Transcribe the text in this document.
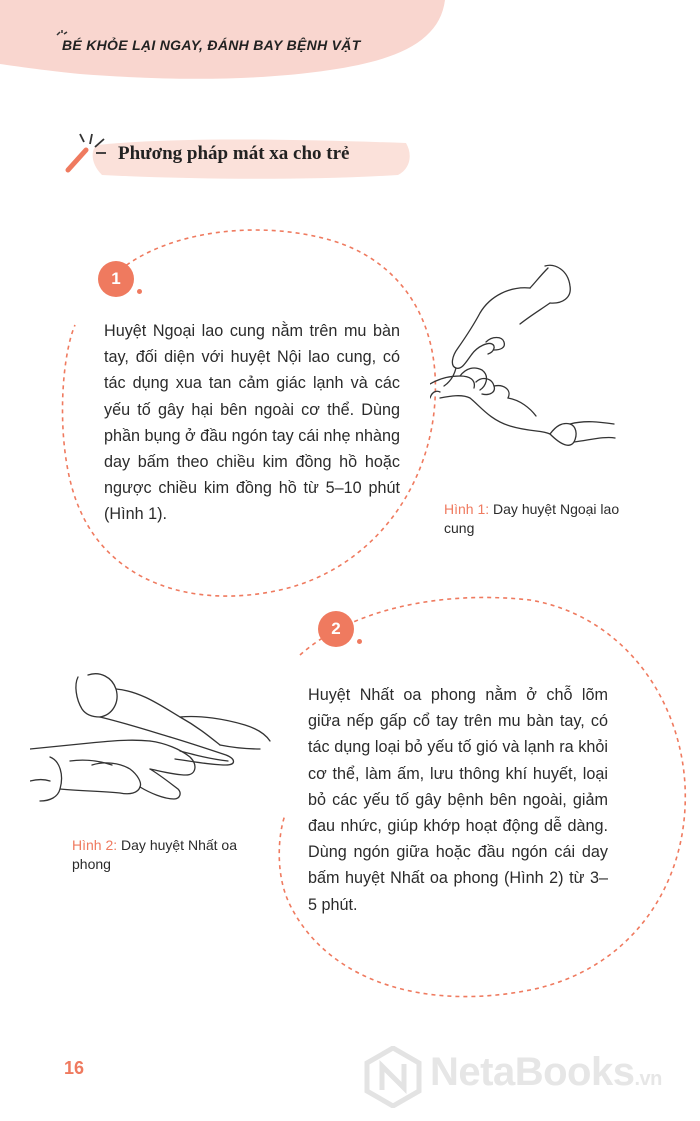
BÉ KHỎE LẠI NGAY, ĐÁNH BAY BỆNH VẶT
Phương pháp mát xa cho trẻ
1
Huyệt Ngoại lao cung nằm trên mu bàn tay, đối diện với huyệt Nội lao cung, có tác dụng xua tan cảm giác lạnh và các yếu tố gây hại bên ngoài cơ thể. Dùng phần bụng ở đầu ngón tay cái nhẹ nhàng day bấm theo chiều kim đồng hồ hoặc ngược chiều kim đồng hồ từ 5–10 phút (Hình 1).	Hình 1: Day huyệt Ngoại lao cung
2
Huyệt Nhất oa phong nằm ở chỗ lõm giữa nếp gấp cổ tay trên mu bàn tay, có tác dụng loại bỏ yếu tố gió và lạnh ra khỏi cơ thể, làm ấm, lưu thông khí huyết, loại bỏ các yếu tố gây bệnh bên ngoài, giảm đau nhức, giúp khớp hoạt động dễ dàng. Dùng ngón giữa hoặc đầu ngón cái day bấm huyệt Nhất oa phong (Hình 2) từ 3–5 phút.
Hình 2: Day huyệt Nhất oa phong
16	NetaBooks.vn
